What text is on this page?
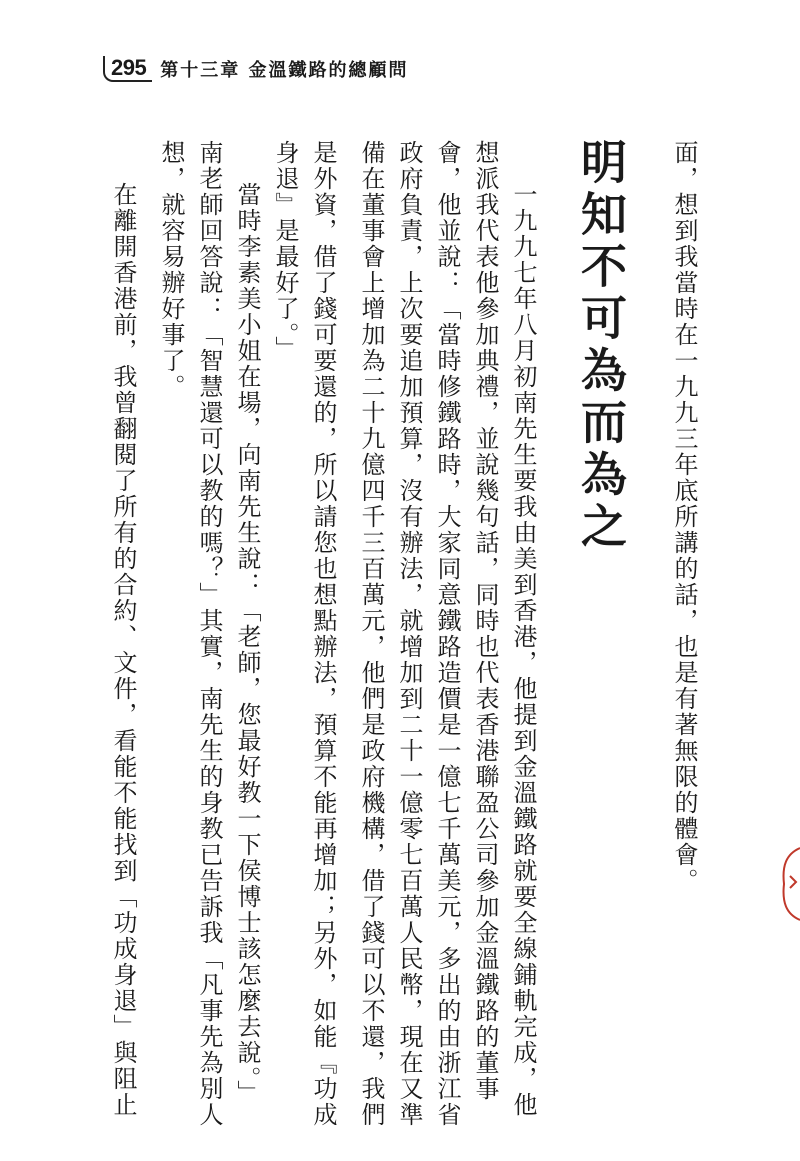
295 第十三章 金溫鐵路的總顧問
面，想到我當時在一九九三年底所講的話，也是有著無限的體會。
明知不可為而為之
一九九七年八月初南先生要我由美到香港，他提到金溫鐵路就要全線鋪軌完成，他
想派我代表他參加典禮，並說幾句話，同時也代表香港聯盈公司參加金溫鐵路的董事
會，他並說：「當時修鐵路時，大家同意鐵路造價是一億七千萬美元，多出的由浙江省
政府負責，上次要追加預算，沒有辦法，就增加到二十一億零七百萬人民幣，現在又準
備在董事會上增加為二十九億四千三百萬元，他們是政府機構，借了錢可以不還，我們
是外資，借了錢可要還的，所以請您也想點辦法，預算不能再增加；另外，如能『功成
身退』是最好了。」
當時李素美小姐在場，向南先生說：「老師，您最好教一下侯博士該怎麼去說。」
南老師回答說：「智慧還可以教的嗎？」其實，南先生的身教已告訴我「凡事先為別人
想，就容易辦好事了。
在離開香港前，我曾翻閱了所有的合約、文件，看能不能找到「功成身退」與阻止
